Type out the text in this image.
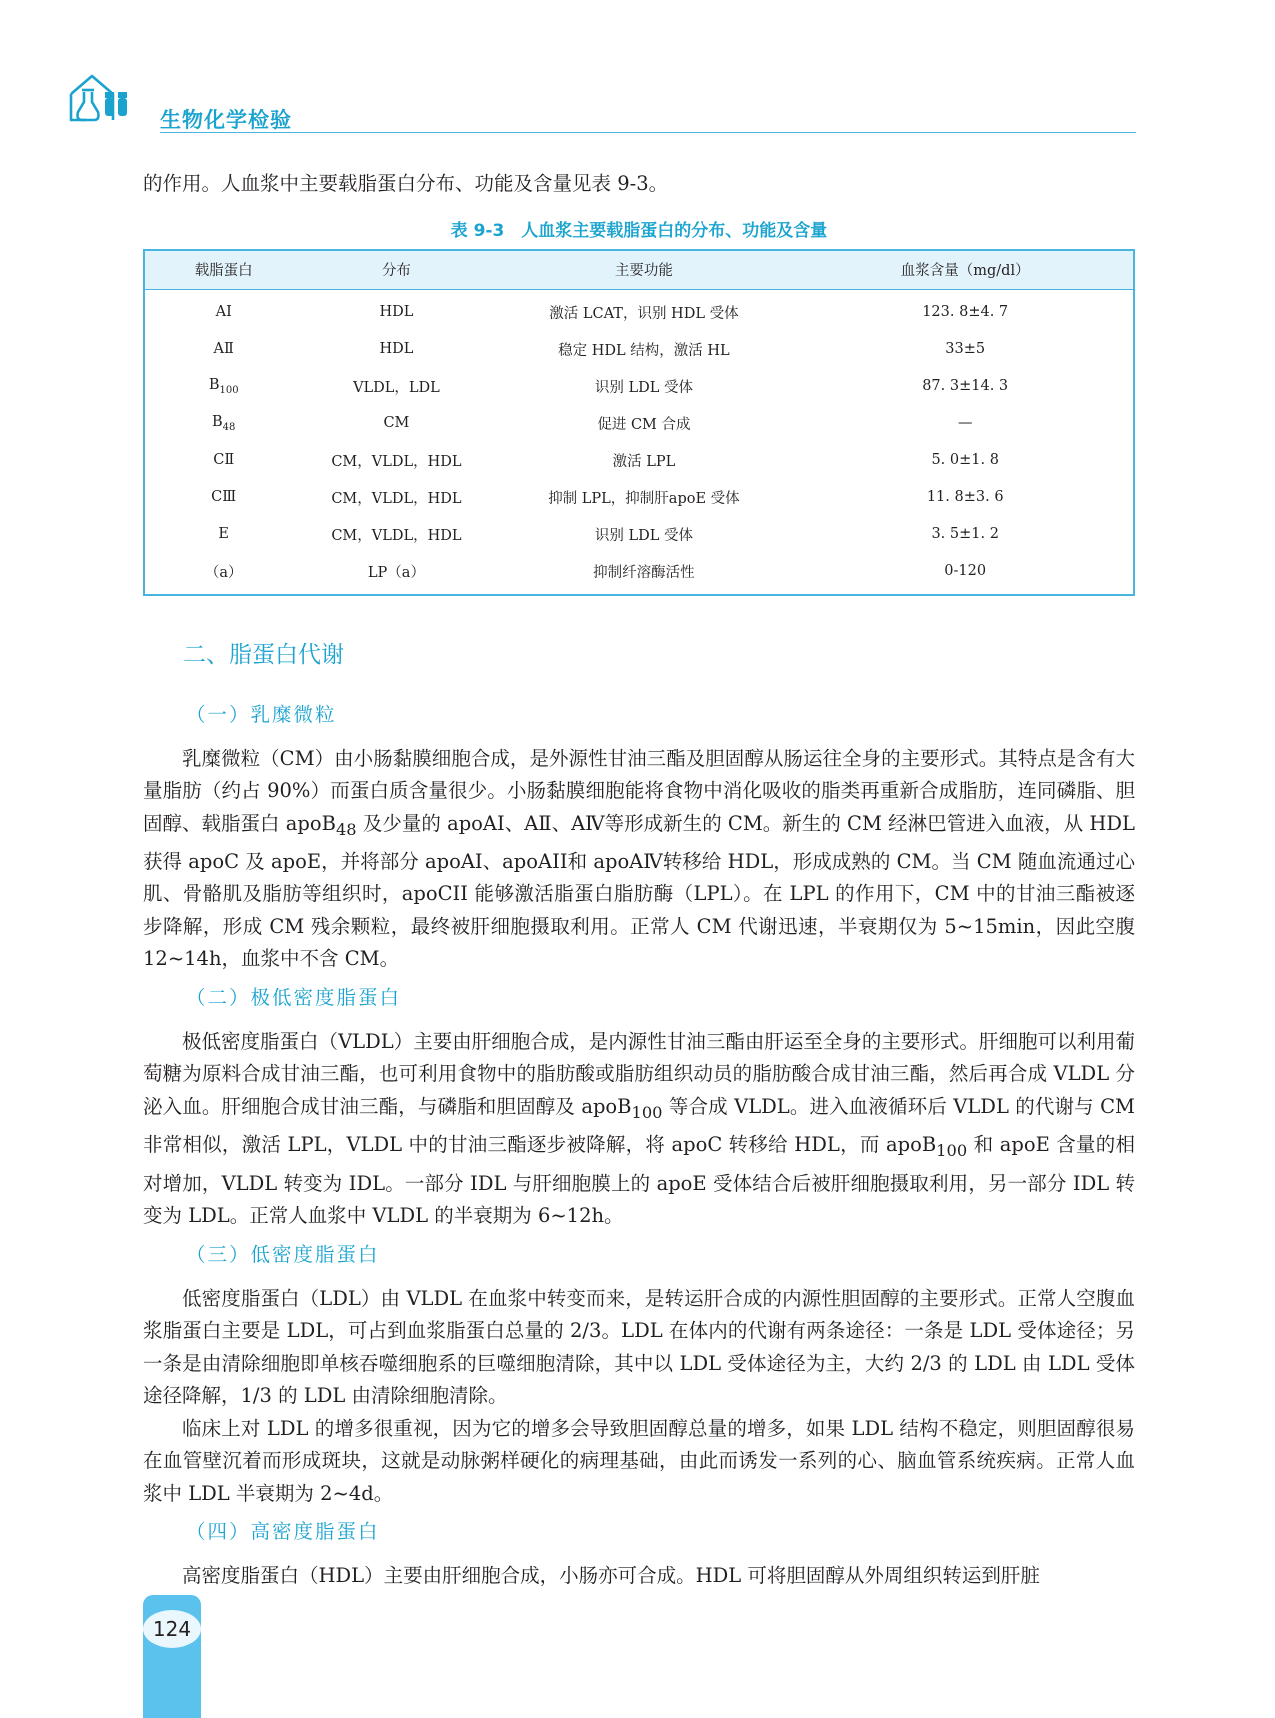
生物化学检验

的作用。人血浆中主要载脂蛋白分布、功能及含量见表 9-3。

表 9-3　人血浆主要载脂蛋白的分布、功能及含量
载脂蛋白	分布	主要功能	血浆含量（mg/dl）
AⅠ	HDL	激活 LCAT，识别 HDL 受体	123. 8±4. 7
AⅡ	HDL	稳定 HDL 结构，激活 HL	33±5
$B_{100}$	VLDL，LDL	识别 LDL 受体	87. 3±14. 3
$B_{48}$	CM	促进 CM 合成	—
CⅡ	CM，VLDL，HDL	激活 LPL	5. 0±1. 8
CⅢ	CM，VLDL，HDL	抑制 LPL，抑制肝apoE 受体	11. 8±3. 6
E	CM，VLDL，HDL	识别 LDL 受体	3. 5±1. 2
（a）	LP（a）	抑制纤溶酶活性	0-120
二、脂蛋白代谢
（一）乳糜微粒

乳糜微粒（CM）由小肠黏膜细胞合成，是外源性甘油三酯及胆固醇从肠运往全身的主要形式。其特点是含有大量脂肪（约占 90%）而蛋白质含量很少。小肠黏膜细胞能将食物中消化吸收的脂类再重新合成脂肪，连同磷脂、胆固醇、载脂蛋白 apoB$_{48}$ 及少量的 apoAⅠ、AⅡ、AⅣ等形成新生的 CM。新生的 CM 经淋巴管进入血液，从 HDL 获得 apoC 及 apoE，并将部分 apoAⅠ、apoAⅠⅠ和 apoAⅣ转移给 HDL，形成成熟的 CM。当 CM 随血流通过心肌、骨骼肌及脂肪等组织时，apoCII 能够激活脂蛋白脂肪酶（LPL）。在 LPL 的作用下，CM 中的甘油三酯被逐步降解，形成 CM 残余颗粒，最终被肝细胞摄取利用。正常人 CM 代谢迅速，半衰期仅为 5~15min，因此空腹 12~14h，血浆中不含 CM。

（二）极低密度脂蛋白

极低密度脂蛋白（VLDL）主要由肝细胞合成，是内源性甘油三酯由肝运至全身的主要形式。肝细胞可以利用葡萄糖为原料合成甘油三酯，也可利用食物中的脂肪酸或脂肪组织动员的脂肪酸合成甘油三酯，然后再合成 VLDL 分泌入血。肝细胞合成甘油三酯，与磷脂和胆固醇及 apoB$_{100}$ 等合成 VLDL。进入血液循环后 VLDL 的代谢与 CM 非常相似，激活 LPL，VLDL 中的甘油三酯逐步被降解，将 apoC 转移给 HDL，而 apoB$_{100}$ 和 apoE 含量的相对增加，VLDL 转变为 IDL。一部分 IDL 与肝细胞膜上的 apoE 受体结合后被肝细胞摄取利用，另一部分 IDL 转变为 LDL。正常人血浆中 VLDL 的半衰期为 6~12h。

（三）低密度脂蛋白

低密度脂蛋白（LDL）由 VLDL 在血浆中转变而来，是转运肝合成的内源性胆固醇的主要形式。正常人空腹血浆脂蛋白主要是 LDL，可占到血浆脂蛋白总量的 2/3。LDL 在体内的代谢有两条途径：一条是 LDL 受体途径；另一条是由清除细胞即单核吞噬细胞系的巨噬细胞清除，其中以 LDL 受体途径为主，大约 2/3 的 LDL 由 LDL 受体途径降解，1/3 的 LDL 由清除细胞清除。

临床上对 LDL 的增多很重视，因为它的增多会导致胆固醇总量的增多，如果 LDL 结构不稳定，则胆固醇很易在血管壁沉着而形成斑块，这就是动脉粥样硬化的病理基础，由此而诱发一系列的心、脑血管系统疾病。正常人血浆中 LDL 半衰期为 2~4d。

（四）高密度脂蛋白

高密度脂蛋白（HDL）主要由肝细胞合成，小肠亦可合成。HDL 可将胆固醇从外周组织转运到肝脏

124
